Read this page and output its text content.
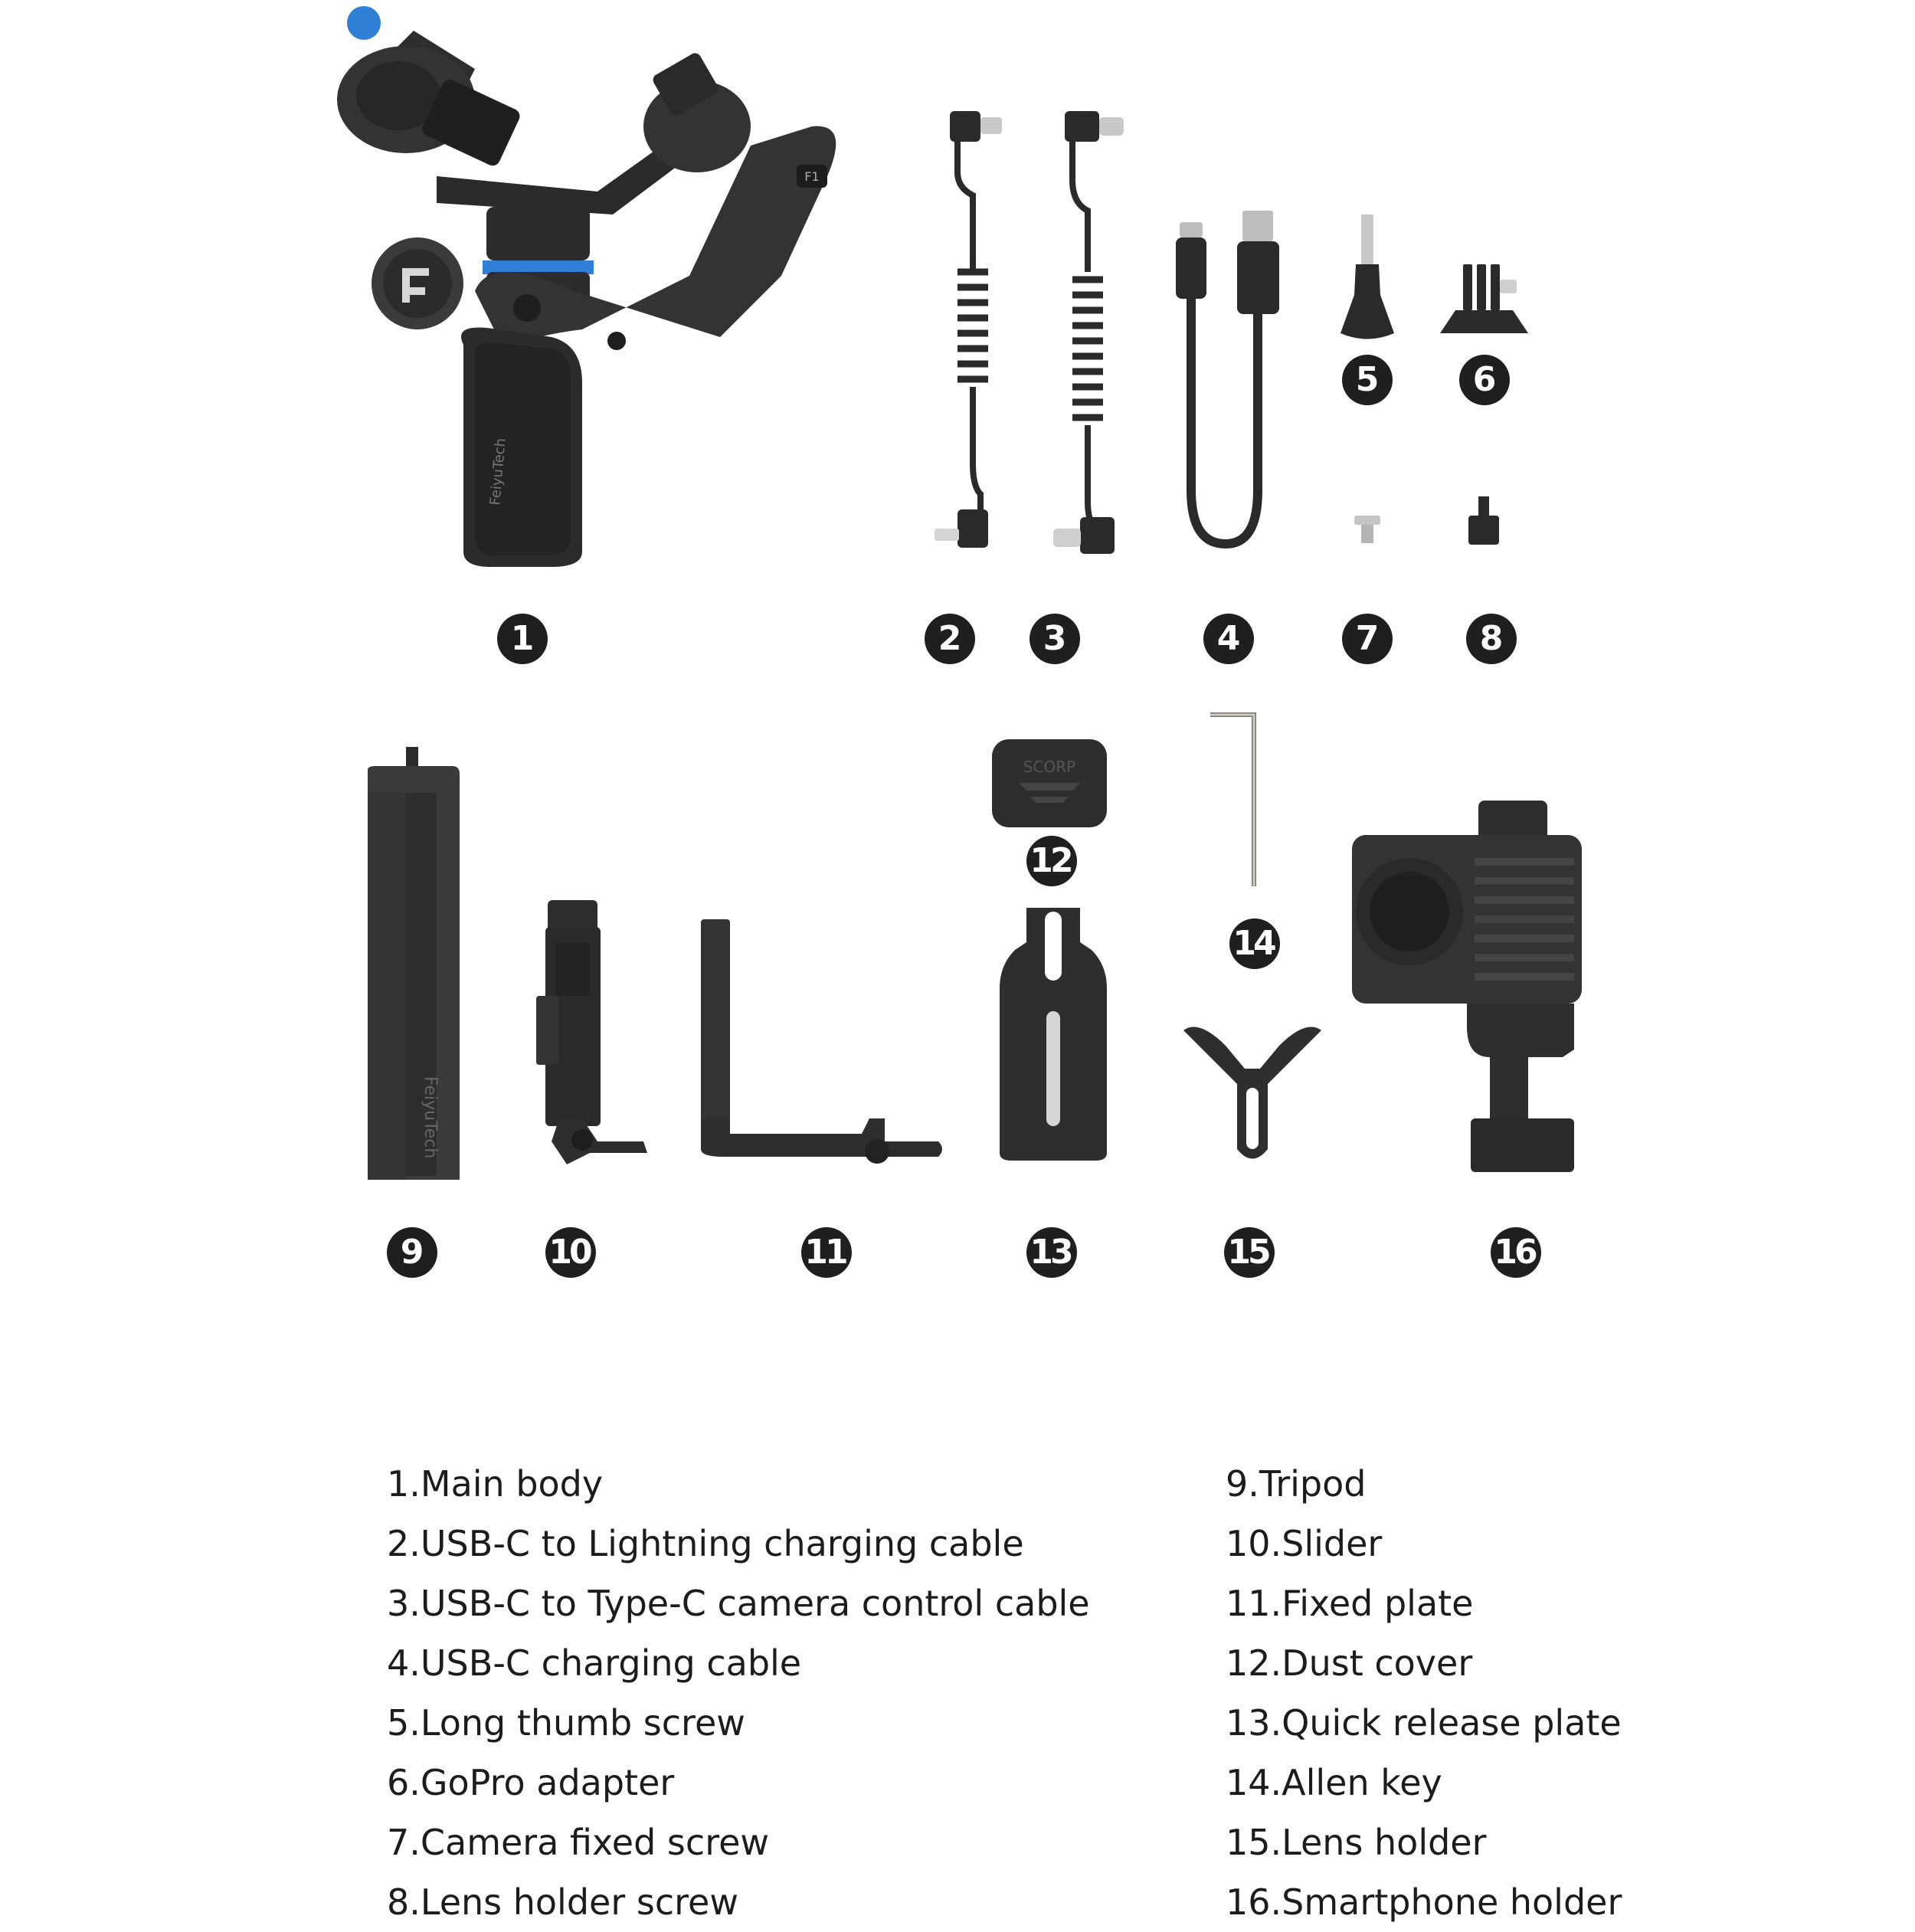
F1
FeiyuTech
FeiyuTech
SCORP
1	2	3	4
5	6
7	8
9	10	11
12
13
14
15	16
1.Main body
2.USB-C to Lightning charging cable
3.USB-C to Type-C camera control cable
4.USB-C charging cable
5.Long thumb screw
6.GoPro adapter
7.Camera fixed screw
8.Lens holder screw
9.Tripod
10.Slider
11.Fixed plate
12.Dust cover
13.Quick release plate
14.Allen key
15.Lens holder
16.Smartphone holder
